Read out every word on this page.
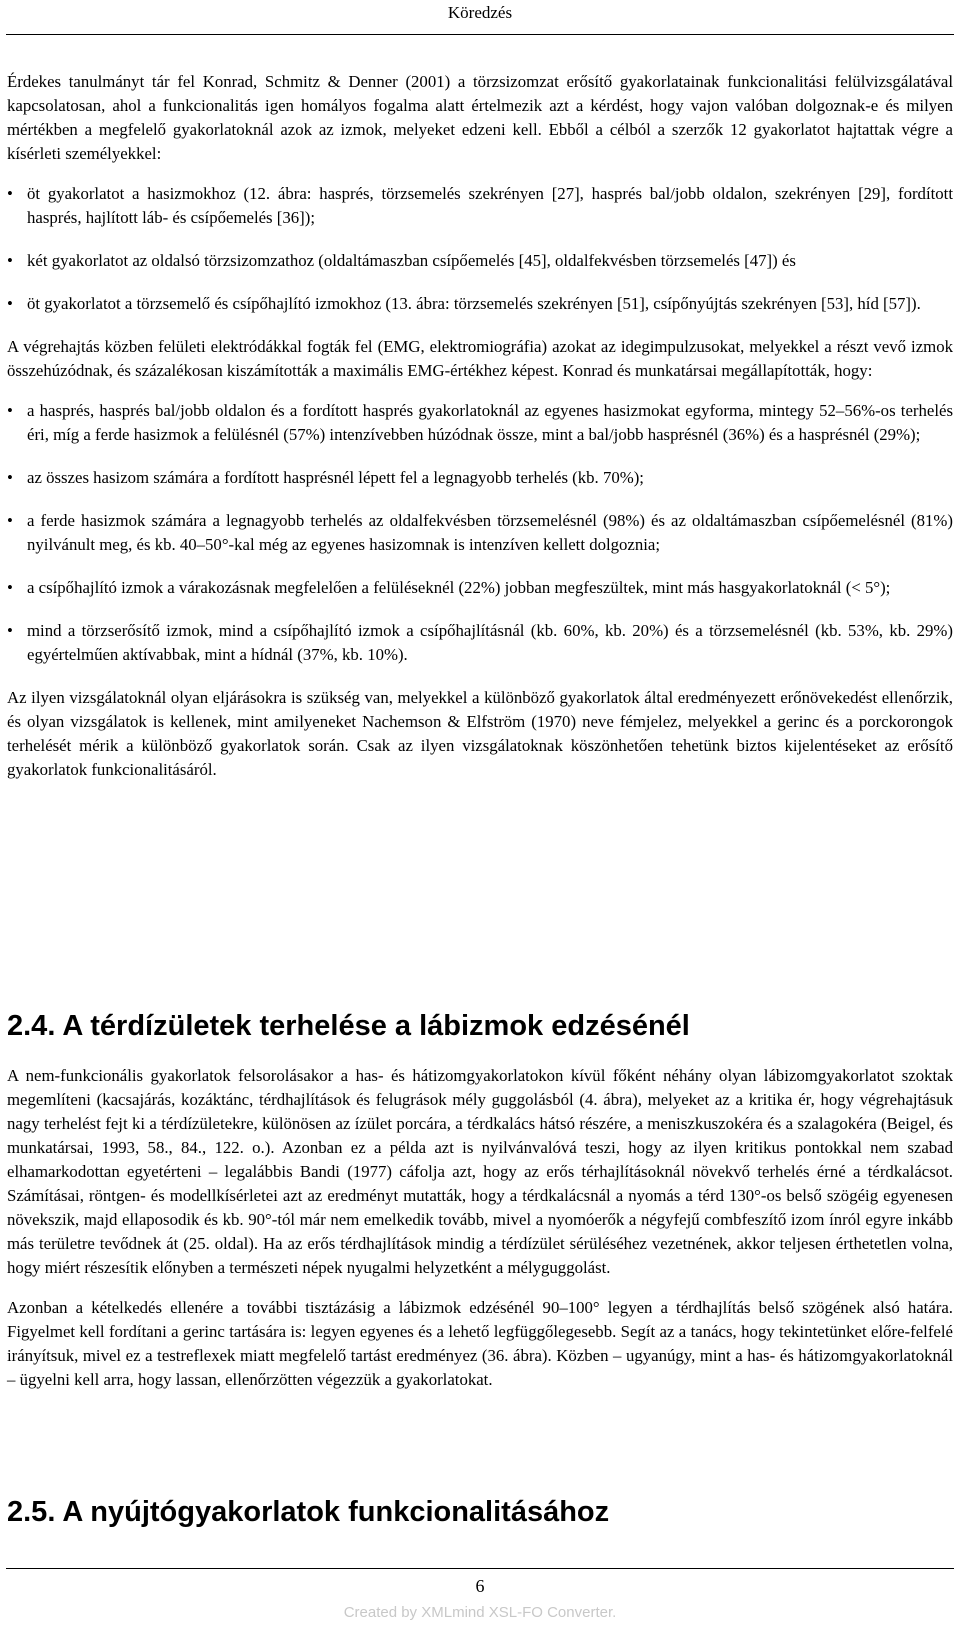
Köredzés

Érdekes tanulmányt tár fel Konrad, Schmitz & Denner (2001) a törzsizomzat erősítő gyakorlatainak funkcionalitási felülvizsgálatával kapcsolatosan, ahol a funkcionalitás igen homályos fogalma alatt értelmezik azt a kérdést, hogy vajon valóban dolgoznak-e és milyen mértékben a megfelelő gyakorlatoknál azok az izmok, melyeket edzeni kell. Ebből a célból a szerzők 12 gyakorlatot hajtattak végre a kísérleti személyekkel:

• öt gyakorlatot a hasizmokhoz (12. ábra: hasprés, törzsemelés szekrényen [27], hasprés bal/jobb oldalon, szekrényen [29], fordított hasprés, hajlított láb- és csípőemelés [36]);
• két gyakorlatot az oldalsó törzsizomzathoz (oldaltámaszban csípőemelés [45], oldalfekvésben törzsemelés [47]) és
• öt gyakorlatot a törzsemelő és csípőhajlító izmokhoz (13. ábra: törzsemelés szekrényen [51], csípőnyújtás szekrényen [53], híd [57]).

A végrehajtás közben felületi elektródákkal fogták fel (EMG, elektromiográfia) azokat az idegimpulzusokat, melyekkel a részt vevő izmok összehúzódnak, és százalékosan kiszámították a maximális EMG-értékhez képest. Konrad és munkatársai megállapították, hogy:

• a hasprés, hasprés bal/jobb oldalon és a fordított hasprés gyakorlatoknál az egyenes hasizmokat egyforma, mintegy 52–56%-os terhelés éri, míg a ferde hasizmok a felülésnél (57%) intenzívebben húzódnak össze, mint a bal/jobb hasprésnél (36%) és a hasprésnél (29%);
• az összes hasizom számára a fordított hasprésnél lépett fel a legnagyobb terhelés (kb. 70%);
• a ferde hasizmok számára a legnagyobb terhelés az oldalfekvésben törzsemelésnél (98%) és az oldaltámaszban csípőemelésnél (81%) nyilvánult meg, és kb. 40–50°-kal még az egyenes hasizomnak is intenzíven kellett dolgoznia;
• a csípőhajlító izmok a várakozásnak megfelelően a felüléseknél (22%) jobban megfeszültek, mint más hasgyakorlatoknál (< 5°);
• mind a törzserősítő izmok, mind a csípőhajlító izmok a csípőhajlításnál (kb. 60%, kb. 20%) és a törzsemelésnél (kb. 53%, kb. 29%) egyértelműen aktívabbak, mint a hídnál (37%, kb. 10%).

Az ilyen vizsgálatoknál olyan eljárásokra is szükség van, melyekkel a különböző gyakorlatok által eredményezett erőnövekedést ellenőrzik, és olyan vizsgálatok is kellenek, mint amilyeneket Nachemson & Elfström (1970) neve fémjelez, melyekkel a gerinc és a porckorongok terhelését mérik a különböző gyakorlatok során. Csak az ilyen vizsgálatoknak köszönhetően tehetünk biztos kijelentéseket az erősítő gyakorlatok funkcionalitásáról.

2.4. A térdízületek terhelése a lábizmok edzésénél

A nem-funkcionális gyakorlatok felsorolásakor a has- és hátizomgyakorlatokon kívül főként néhány olyan lábizomgyakorlatot szoktak megemlíteni (kacsajárás, kozáktánc, térdhajlítások és felugrások mély guggolásból (4. ábra), melyeket az a kritika ér, hogy végrehajtásuk nagy terhelést fejt ki a térdízületekre, különösen az ízület porcára, a térdkalács hátsó részére, a meniszkuszokéra és a szalagokéra (Beigel, és munkatársai, 1993, 58., 84., 122. o.). Azonban ez a példa azt is nyilvánvalóvá teszi, hogy az ilyen kritikus pontokkal nem szabad elhamarkodottan egyetérteni – legalábbis Bandi (1977) cáfolja azt, hogy az erős térhajlításoknál növekvő terhelés érné a térdkalácsot. Számításai, röntgen- és modellkísérletei azt az eredményt mutatták, hogy a térdkalácsnál a nyomás a térd 130°-os belső szögéig egyenesen növekszik, majd ellaposodik és kb. 90°-tól már nem emelkedik tovább, mivel a nyomóerők a négyfejű combfeszítő izom ínról egyre inkább más területre tevődnek át (25. oldal). Ha az erős térdhajlítások mindig a térdízület sérüléséhez vezetnének, akkor teljesen érthetetlen volna, hogy miért részesítik előnyben a természeti népek nyugalmi helyzetként a mélyguggolást.

Azonban a kételkedés ellenére a további tisztázásig a lábizmok edzésénél 90–100° legyen a térdhajlítás belső szögének alsó határa. Figyelmet kell fordítani a gerinc tartására is: legyen egyenes és a lehető legfüggőlegesebb. Segít az a tanács, hogy tekintetünket előre-felfelé irányítsuk, mivel ez a testreflexek miatt megfelelő tartást eredményez (36. ábra). Közben – ugyanúgy, mint a has- és hátizomgyakorlatoknál – ügyelni kell arra, hogy lassan, ellenőrzötten végezzük a gyakorlatokat.

2.5. A nyújtógyakorlatok funkcionalitásához
6
Created by XMLmind XSL-FO Converter.
